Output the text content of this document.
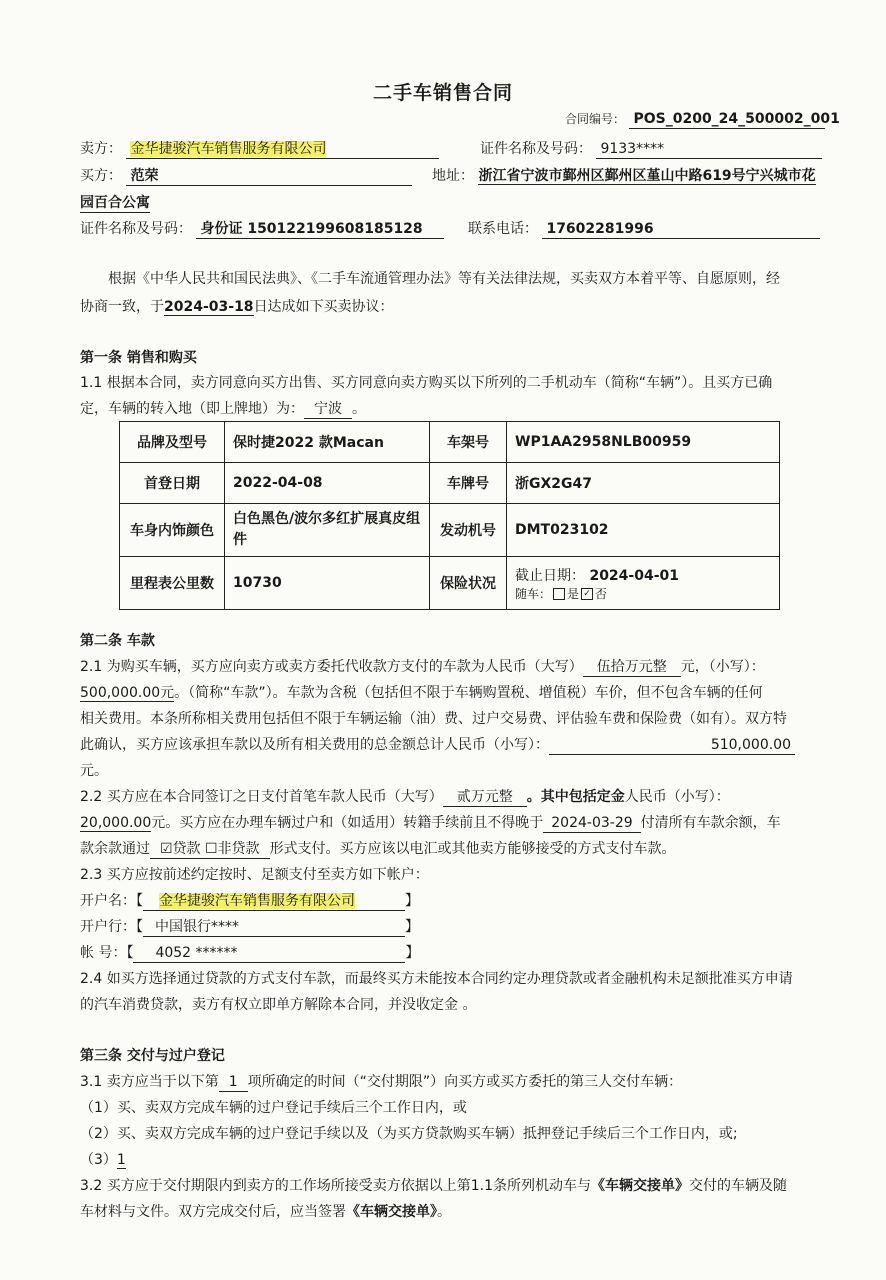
二手车销售合同
合同编号： POS_0200_24_500002_001
卖方： 金华捷骏汽车销售服务有限公司	证件名称及号码： 9133****
买方： 范荣	地址： 浙江省宁波市鄞州区鄞州区堇山中路619号宁兴城市花
园百合公寓
证件名称及号码： 身份证 150122199608185128	联系电话： 17602281996
根据《中华人民共和国民法典》、《二手车流通管理办法》等有关法律法规，买卖双方本着平等、自愿原则，经
协商一致，于2024-03-18日达成如下买卖协议：
第一条 销售和购买
1.1 根据本合同，卖方同意向买方出售、买方同意向卖方购买以下所列的二手机动车（简称“车辆”）。且买方已确
定，车辆的转入地（即上牌地）为： 宁波 。
品牌及型号	保时捷2022 款Macan	车架号	WP1AA2958NLB00959
首登日期	2022-04-08	车牌号	浙GX2G47
车身内饰颜色	白色黑色/波尔多红扩展真皮组件	发动机号	DMT023102
里程表公里数	10730	保险状况	截止日期： 2024-04-01
随车： 是 ✓ 否
第二条 车款
2.1 为购买车辆，买方应向卖方或卖方委托代收款方支付的车款为人民币（大写） 伍拾万元整 元，（小写）：
500,000.00元。（简称“车款”）。车款为含税（包括但不限于车辆购置税、增值税）车价，但不包含车辆的任何
相关费用。本条所称相关费用包括但不限于车辆运输（油）费、过户交易费、评估验车费和保险费（如有）。双方特
此确认，买方应该承担车款以及所有相关费用的总金额总计人民币（小写）：	510,000.00
元。
2.2 买方应在本合同签订之日支付首笔车款人民币（大写） 贰万元整 。其中包括定金人民币（小写）：
20,000.00元。买方应在办理车辆过户和（如适用）转籍手续前且不得晚于 2024-03-29 付清所有车款余额，车
款余款通过 ☑贷款 ☐非贷款 形式支付。买方应该以电汇或其他卖方能够接受的方式支付车款。
2.3 买方应按前述约定按时、足额支付至卖方如下帐户：
开户名：【 金华捷骏汽车销售服务有限公司	】
开户行：【 中国银行****	】
帐 号：【 4052 ******	】
2.4 如买方选择通过贷款的方式支付车款，而最终买方未能按本合同约定办理贷款或者金融机构未足额批准买方申请
的汽车消费贷款，卖方有权立即单方解除本合同，并没收定金 。
第三条 交付与过户登记
3.1 卖方应当于以下第 1 项所确定的时间（“交付期限”）向买方或买方委托的第三人交付车辆：
（1）买、卖双方完成车辆的过户登记手续后三个工作日内，或
（2）买、卖双方完成车辆的过户登记手续以及（为买方贷款购买车辆）抵押登记手续后三个工作日内，或;
（3）1
3.2 买方应于交付期限内到卖方的工作场所接受卖方依据以上第1.1条所列机动车与《车辆交接单》交付的车辆及随
车材料与文件。双方完成交付后，应当签署《车辆交接单》。
